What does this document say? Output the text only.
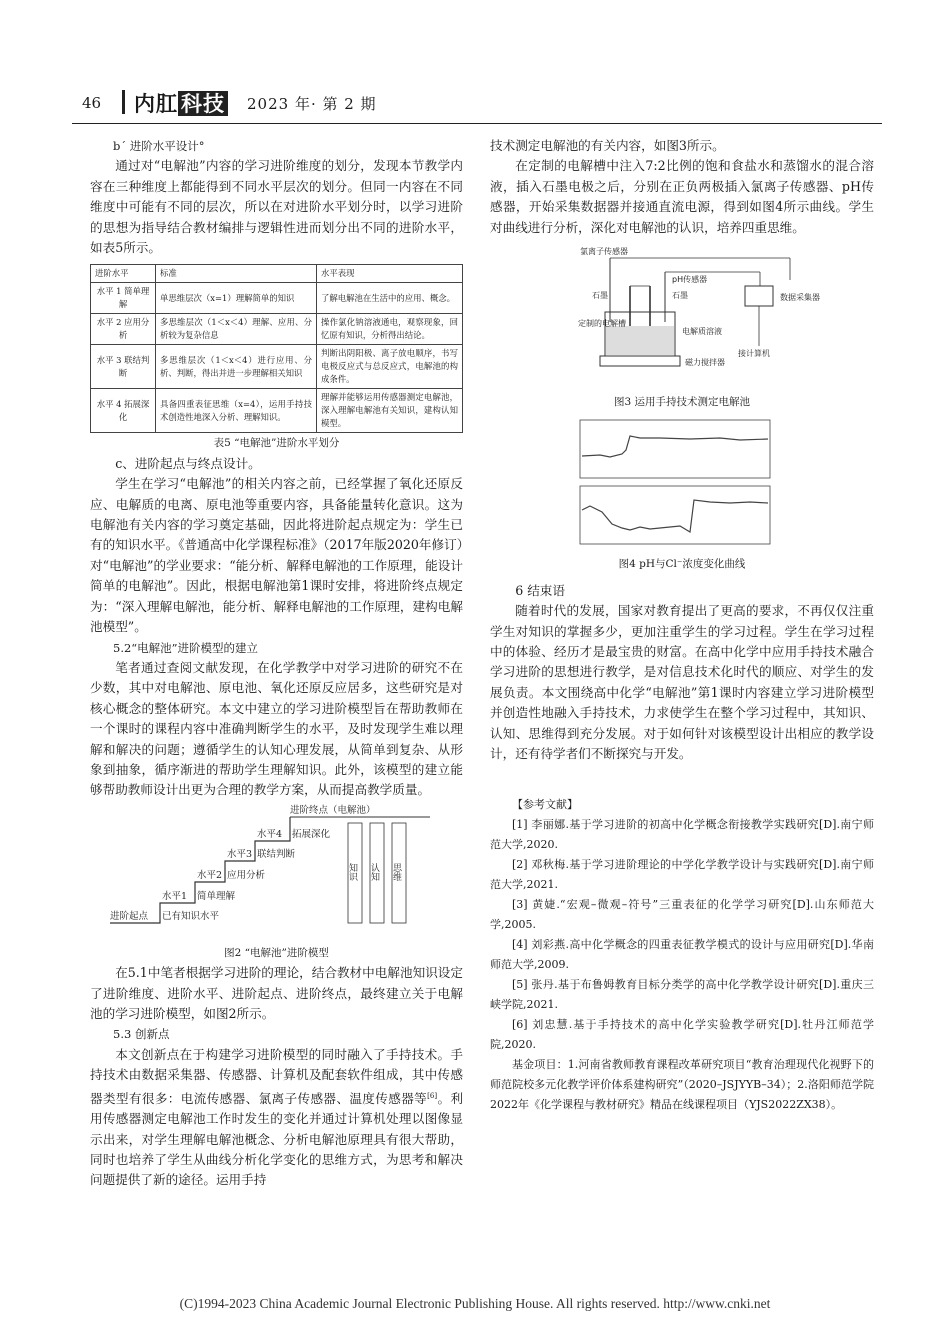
46 内肛 科技 2023 年· 第 2 期

b´ 进阶水平设计°

通过对“电解池”内容的学习进阶维度的划分，发现本节教学内容在三种维度上都能得到不同水平层次的划分。但同一内容在不同维度中可能有不同的层次，所以在对进阶水平划分时，以学习进阶的思想为指导结合教材编排与逻辑性进而划分出不同的进阶水平，如表5所示。

进阶水平	标准	水平表现
水平 1 简单理解	单思维层次（x=1）理解简单的知识	了解电解池在生活中的应用、概念。
水平 2 应用分析	多思维层次（1＜x＜4）理解、应用、分析较为复杂信息	操作氯化钠溶液通电，观察现象，回忆原有知识，分析得出结论。
水平 3 联结判断	多思维层次（1＜x＜4）进行应用、分析、判断，得出并进一步理解相关知识	判断出阴阳极、离子放电顺序，书写电极反应式与总反应式，电解池的构成条件。
水平 4 拓展深化	具备四重表征思维（x=4），运用手持技术创造性地深入分析、理解知识。	理解并能够运用传感器测定电解池，深入理解电解池有关知识，建构认知模型。

表5 “电解池”进阶水平划分

c、进阶起点与终点设计。

学生在学习“电解池”的相关内容之前，已经掌握了氧化还原反应、电解质的电离、原电池等重要内容，具备能量转化意识。这为电解池有关内容的学习奠定基础，因此将进阶起点规定为：学生已有的知识水平。《普通高中化学课程标准》（2017年版2020年修订）对“电解池”的学业要求：“能分析、解释电解池的工作原理，能设计简单的电解池”。因此，根据电解池第1课时安排，将进阶终点规定为：“深入理解电解池，能分析、解释电解池的工作原理，建构电解池模型”。

5.2“电解池”进阶模型的建立

笔者通过查阅文献发现，在化学教学中对学习进阶的研究不在少数，其中对电解池、原电池、氧化还原反应居多，这些研究是对核心概念的整体研究。本文中建立的学习进阶模型旨在帮助教师在一个课时的课程内容中准确判断学生的水平，及时发现学生难以理解和解决的问题；遵循学生的认知心理发展，从简单到复杂、从形象到抽象，循序渐进的帮助学生理解知识。此外，该模型的建立能够帮助教师设计出更为合理的教学方案，从而提高教学质量。

进阶终点（电解池）
进阶起点 已有知识水平
水平1 简单理解
水平2 应用分析
水平3 联结判断
水平4 拓展深化
知识 认知 思维

图2 “电解池”进阶模型

在5.1中笔者根据学习进阶的理论，结合教材中电解池知识设定了进阶维度、进阶水平、进阶起点、进阶终点，最终建立关于电解池的学习进阶模型，如图2所示。

5.3 创新点

本文创新点在于构建学习进阶模型的同时融入了手持技术。手持技术由数据采集器、传感器、计算机及配套软件组成，其中传感器类型有很多：电流传感器、氯离子传感器、温度传感器等[6]。利用传感器测定电解池工作时发生的变化并通过计算机处理以图像显示出来，对学生理解电解池概念、分析电解池原理具有很大帮助，同时也培养了学生从曲线分析化学变化的思维方式，为思考和解决问题提供了新的途径。运用手持

技术测定电解池的有关内容，如图3所示。

在定制的电解槽中注入7:2比例的饱和食盐水和蒸馏水的混合溶液，插入石墨电极之后，分别在正负两极插入氯离子传感器、pH传感器，开始采集数据器并接通直流电源，得到如图4所示曲线。学生对曲线进行分析，深化对电解池的认识，培养四重思维。

氯离子传感器
pH传感器
石墨	石墨
定制的电解槽
电解质溶液
磁力搅拌器
数据采集器
接计算机

图3 运用手持技术测定电解池

图4 pH与Cl⁻浓度变化曲线

6 结束语

随着时代的发展，国家对教育提出了更高的要求，不再仅仅注重学生对知识的掌握多少，更加注重学生的学习过程。学生在学习过程中的体验、经历才是最宝贵的财富。在高中化学中应用手持技术融合学习进阶的思想进行教学，是对信息技术化时代的顺应、对学生的发展负责。本文围绕高中化学“电解池”第1课时内容建立学习进阶模型并创造性地融入手持技术，力求使学生在整个学习过程中，其知识、认知、思维得到充分发展。对于如何针对该模型设计出相应的教学设计，还有待学者们不断探究与开发。

【参考文献】

[1] 李丽娜.基于学习进阶的初高中化学概念衔接教学实践研究[D].南宁师范大学,2020.

[2] 邓秋梅.基于学习进阶理论的中学化学教学设计与实践研究[D].南宁师范大学,2021.

[3] 黄婕.“宏观–微观–符号”三重表征的化学学习研究[D].山东师范大学,2005.

[4] 刘彩燕.高中化学概念的四重表征教学模式的设计与应用研究[D].华南师范大学,2009.

[5] 张丹.基于布鲁姆教育目标分类学的高中化学教学设计研究[D].重庆三峡学院,2021.

[6] 刘忠慧.基于手持技术的高中化学实验教学研究[D].牡丹江师范学院,2020.

基金项目：1.河南省教师教育课程改革研究项目“教育治理现代化视野下的师范院校多元化教学评价体系建构研究”（2020–JSJYYB–34）；2.洛阳师范学院2022年《化学课程与教材研究》精品在线课程项目（YJS2022ZX38）。

(C)1994-2023 China Academic Journal Electronic Publishing House. All rights reserved. http://www.cnki.net
